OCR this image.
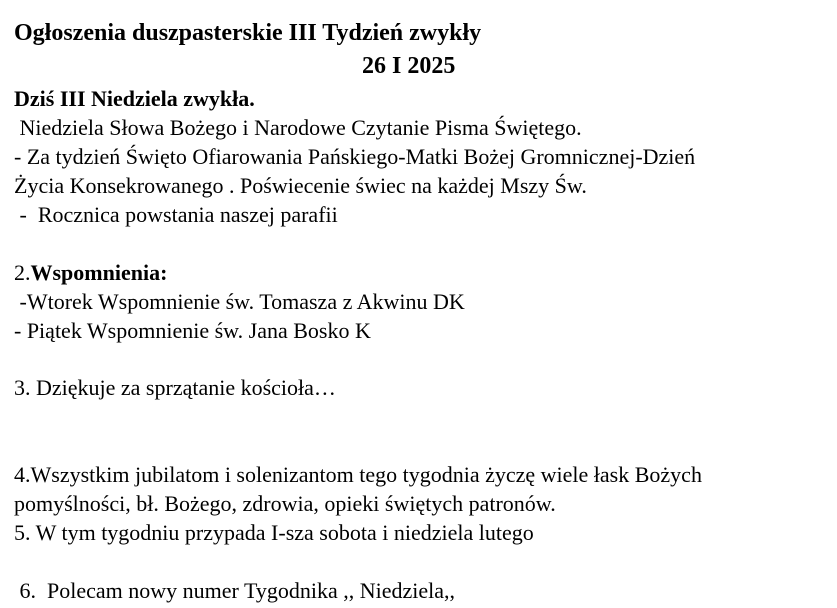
Ogłoszenia duszpasterskie III Tydzień zwykły
26 I 2025
Dziś III Niedziela zwykła.
Niedziela Słowa Bożego i Narodowe Czytanie Pisma Świętego.
- Za tydzień Święto Ofiarowania Pańskiego-Matki Bożej Gromnicznej-Dzień
Życia Konsekrowanego . Poświecenie świec na każdej Mszy Św.
-  Rocznica powstania naszej parafii
2.Wspomnienia:
-Wtorek Wspomnienie św. Tomasza z Akwinu DK
- Piątek Wspomnienie św. Jana Bosko K
3. Dziękuje za sprzątanie kościoła…
4.Wszystkim jubilatom i solenizantom tego tygodnia życzę wiele łask Bożych
pomyślności, bł. Bożego, zdrowia, opieki świętych patronów.
5. W tym tygodniu przypada I-sza sobota i niedziela lutego
6.  Polecam nowy numer Tygodnika ,, Niedziela,,
